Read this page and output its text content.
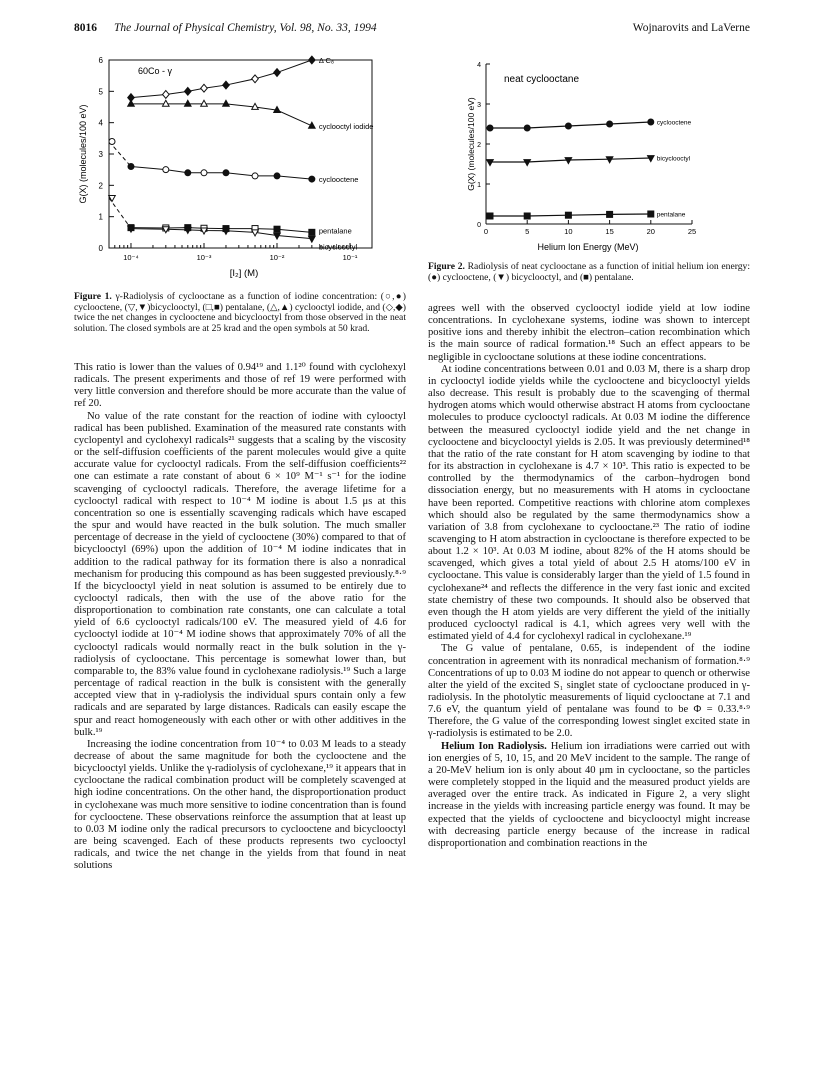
8016 The Journal of Physical Chemistry, Vol. 98, No. 33, 1994	Wojnarovits and LaVerne
0
1
2
3
4
5
6
10⁻⁴	10⁻³	10⁻²	10⁻¹
[I₂] (M)
G(X) (molecules/100 eV)
60Co - γ
Δ C₈
cyclooctyl iodide
cyclooctene
pentalane
bicyclooctyl
Figure 1. γ-Radiolysis of cyclooctane as a function of iodine concentration: (○,●) cyclooctene, (▽,▼)bicyclooctyl, (□,■) pentalane, (△,▲) cyclooctyl iodide, and (◇,◆) twice the net changes in cyclooctene and bicyclooctyl from those observed in the neat solution. The closed symbols are at 25 krad and the open symbols at 50 krad.
0
1
2
3
4
0	5	10	15	20	25
Helium Ion Energy (MeV)
G(X) (molecules/100 eV)
neat cyclooctane
cyclooctene
bicyclooctyl
pentalane
Figure 2. Radiolysis of neat cyclooctane as a function of initial helium ion energy: (●) cyclooctene, (▼) bicyclooctyl, and (■) pentalane.

This ratio is lower than the values of 0.94¹⁹ and 1.1²⁰ found with cyclohexyl radicals. The present experiments and those of ref 19 were performed with very little conversion and therefore should be more accurate than the value of ref 20.

No value of the rate constant for the reaction of iodine with cylooctyl radical has been published. Examination of the measured rate constants with cyclopentyl and cyclohexyl radicals²¹ suggests that a scaling by the viscosity or the self-diffusion coefficients of the parent molecules would give a quite accurate value for cyclooctyl radicals. From the self-diffusion coefficients²² one can estimate a rate constant of about 6 × 10⁹ M⁻¹ s⁻¹ for the iodine scavenging of cyclooctyl radicals. Therefore, the average lifetime for a cyclooctyl radical with respect to 10⁻⁴ M iodine is about 1.5 μs at this concentration so one is essentially scavenging radicals which have escaped the spur and would have reacted in the bulk solution. The much smaller percentage of decrease in the yield of cyclooctene (30%) compared to that of bicyclooctyl (69%) upon the addition of 10⁻⁴ M iodine indicates that in addition to the radical pathway for its formation there is also a nonradical mechanism for producing this compound as has been suggested previously.⁸·⁹ If the bicyclooctyl yield in neat solution is assumed to be entirely due to cyclooctyl radicals, then with the use of the above ratio for the disproportionation to combination rate constants, one can calculate a total yield of 6.6 cyclooctyl radicals/100 eV. The measured yield of 4.6 for cyclooctyl iodide at 10⁻⁴ M iodine shows that approximately 70% of all the cyclooctyl radicals would normally react in the bulk solution in the γ-radiolysis of cyclooctane. This percentage is somewhat lower than, but comparable to, the 83% value found in cyclohexane radiolysis.¹⁹ Such a large percentage of radical reaction in the bulk is consistent with the generally accepted view that in γ-radiolysis the individual spurs contain only a few radicals and are separated by large distances. Radicals can easily escape the spur and react homogeneously with each other or with other additives in the bulk.¹⁹

Increasing the iodine concentration from 10⁻⁴ to 0.03 M leads to a steady decrease of about the same magnitude for both the cyclooctene and the bicyclooctyl yields. Unlike the γ-radiolysis of cyclohexane,¹⁹ it appears that in cyclooctane the radical combination product will be completely scavenged at high iodine concentrations. On the other hand, the disproportionation product in cyclohexane was much more sensitive to iodine concentration than is found for cyclooctene. These observations reinforce the assumption that at least up to 0.03 M iodine only the radical precursors to cyclooctene and bicyclooctyl are being scavenged. Each of these products represents two cyclooctyl radicals, and twice the net change in the yields from that found in neat solutions

agrees well with the observed cyclooctyl iodide yield at low iodine concentrations. In cyclohexane systems, iodine was shown to intercept positive ions and thereby inhibit the electron–cation recombination which is the main source of radical formation.¹⁸ Such an effect appears to be negligible in cyclooctane solutions at these iodine concentrations.

At iodine concentrations between 0.01 and 0.03 M, there is a sharp drop in cyclooctyl iodide yields while the cyclooctene and bicyclooctyl yields also decrease. This result is probably due to the scavenging of thermal hydrogen atoms which would otherwise abstract H atoms from cyclooctane molecules to produce cyclooctyl radicals. At 0.03 M iodine the difference between the measured cyclooctyl iodide yield and the net change in cyclooctene and bicyclooctyl yields is 2.05. It was previously determined¹⁸ that the ratio of the rate constant for H atom scavenging by iodine to that for its abstraction in cyclohexane is 4.7 × 10³. This ratio is expected to be controlled by the thermodynamics of the carbon–hydrogen bond dissociation energy, but no measurements with H atoms in cyclooctane have been reported. Competitive reactions with chlorine atom complexes which should also be regulated by the same thermodynamics show a variation of 3.8 from cyclohexane to cyclooctane.²³ The ratio of iodine scavenging to H atom abstraction in cyclooctane is therefore expected to be about 1.2 × 10³. At 0.03 M iodine, about 82% of the H atoms should be scavenged, which gives a total yield of about 2.5 H atoms/100 eV in cyclooctane. This value is considerably larger than the yield of 1.5 found in cyclohexane²⁴ and reflects the difference in the very fast ionic and excited state chemistry of these two compounds. It should also be observed that even though the H atom yields are very different the yield of the initially produced cyclooctyl radical is 4.1, which agrees very well with the estimated yield of 4.4 for cyclohexyl radical in cyclohexane.¹⁹

The G value of pentalane, 0.65, is independent of the iodine concentration in agreement with its nonradical mechanism of formation.⁸·⁹ Concentrations of up to 0.03 M iodine do not appear to quench or otherwise alter the yield of the excited S₁ singlet state of cyclooctane produced in γ-radiolysis. In the photolytic measurements of liquid cyclooctane at 7.1 and 7.6 eV, the quantum yield of pentalane was found to be Φ = 0.33.⁸·⁹ Therefore, the G value of the corresponding lowest singlet excited state in γ-radiolysis is estimated to be 2.0.

Helium Ion Radiolysis. Helium ion irradiations were carried out with ion energies of 5, 10, 15, and 20 MeV incident to the sample. The range of a 20-MeV helium ion is only about 40 μm in cyclooctane, so the particles were completely stopped in the liquid and the measured product yields are averaged over the entire track. As indicated in Figure 2, a very slight increase in the yields with increasing particle energy was found. It may be expected that the yields of cyclooctene and bicyclooctyl might increase with decreasing particle energy because of the increase in radical disproportionation and combination reactions in the
